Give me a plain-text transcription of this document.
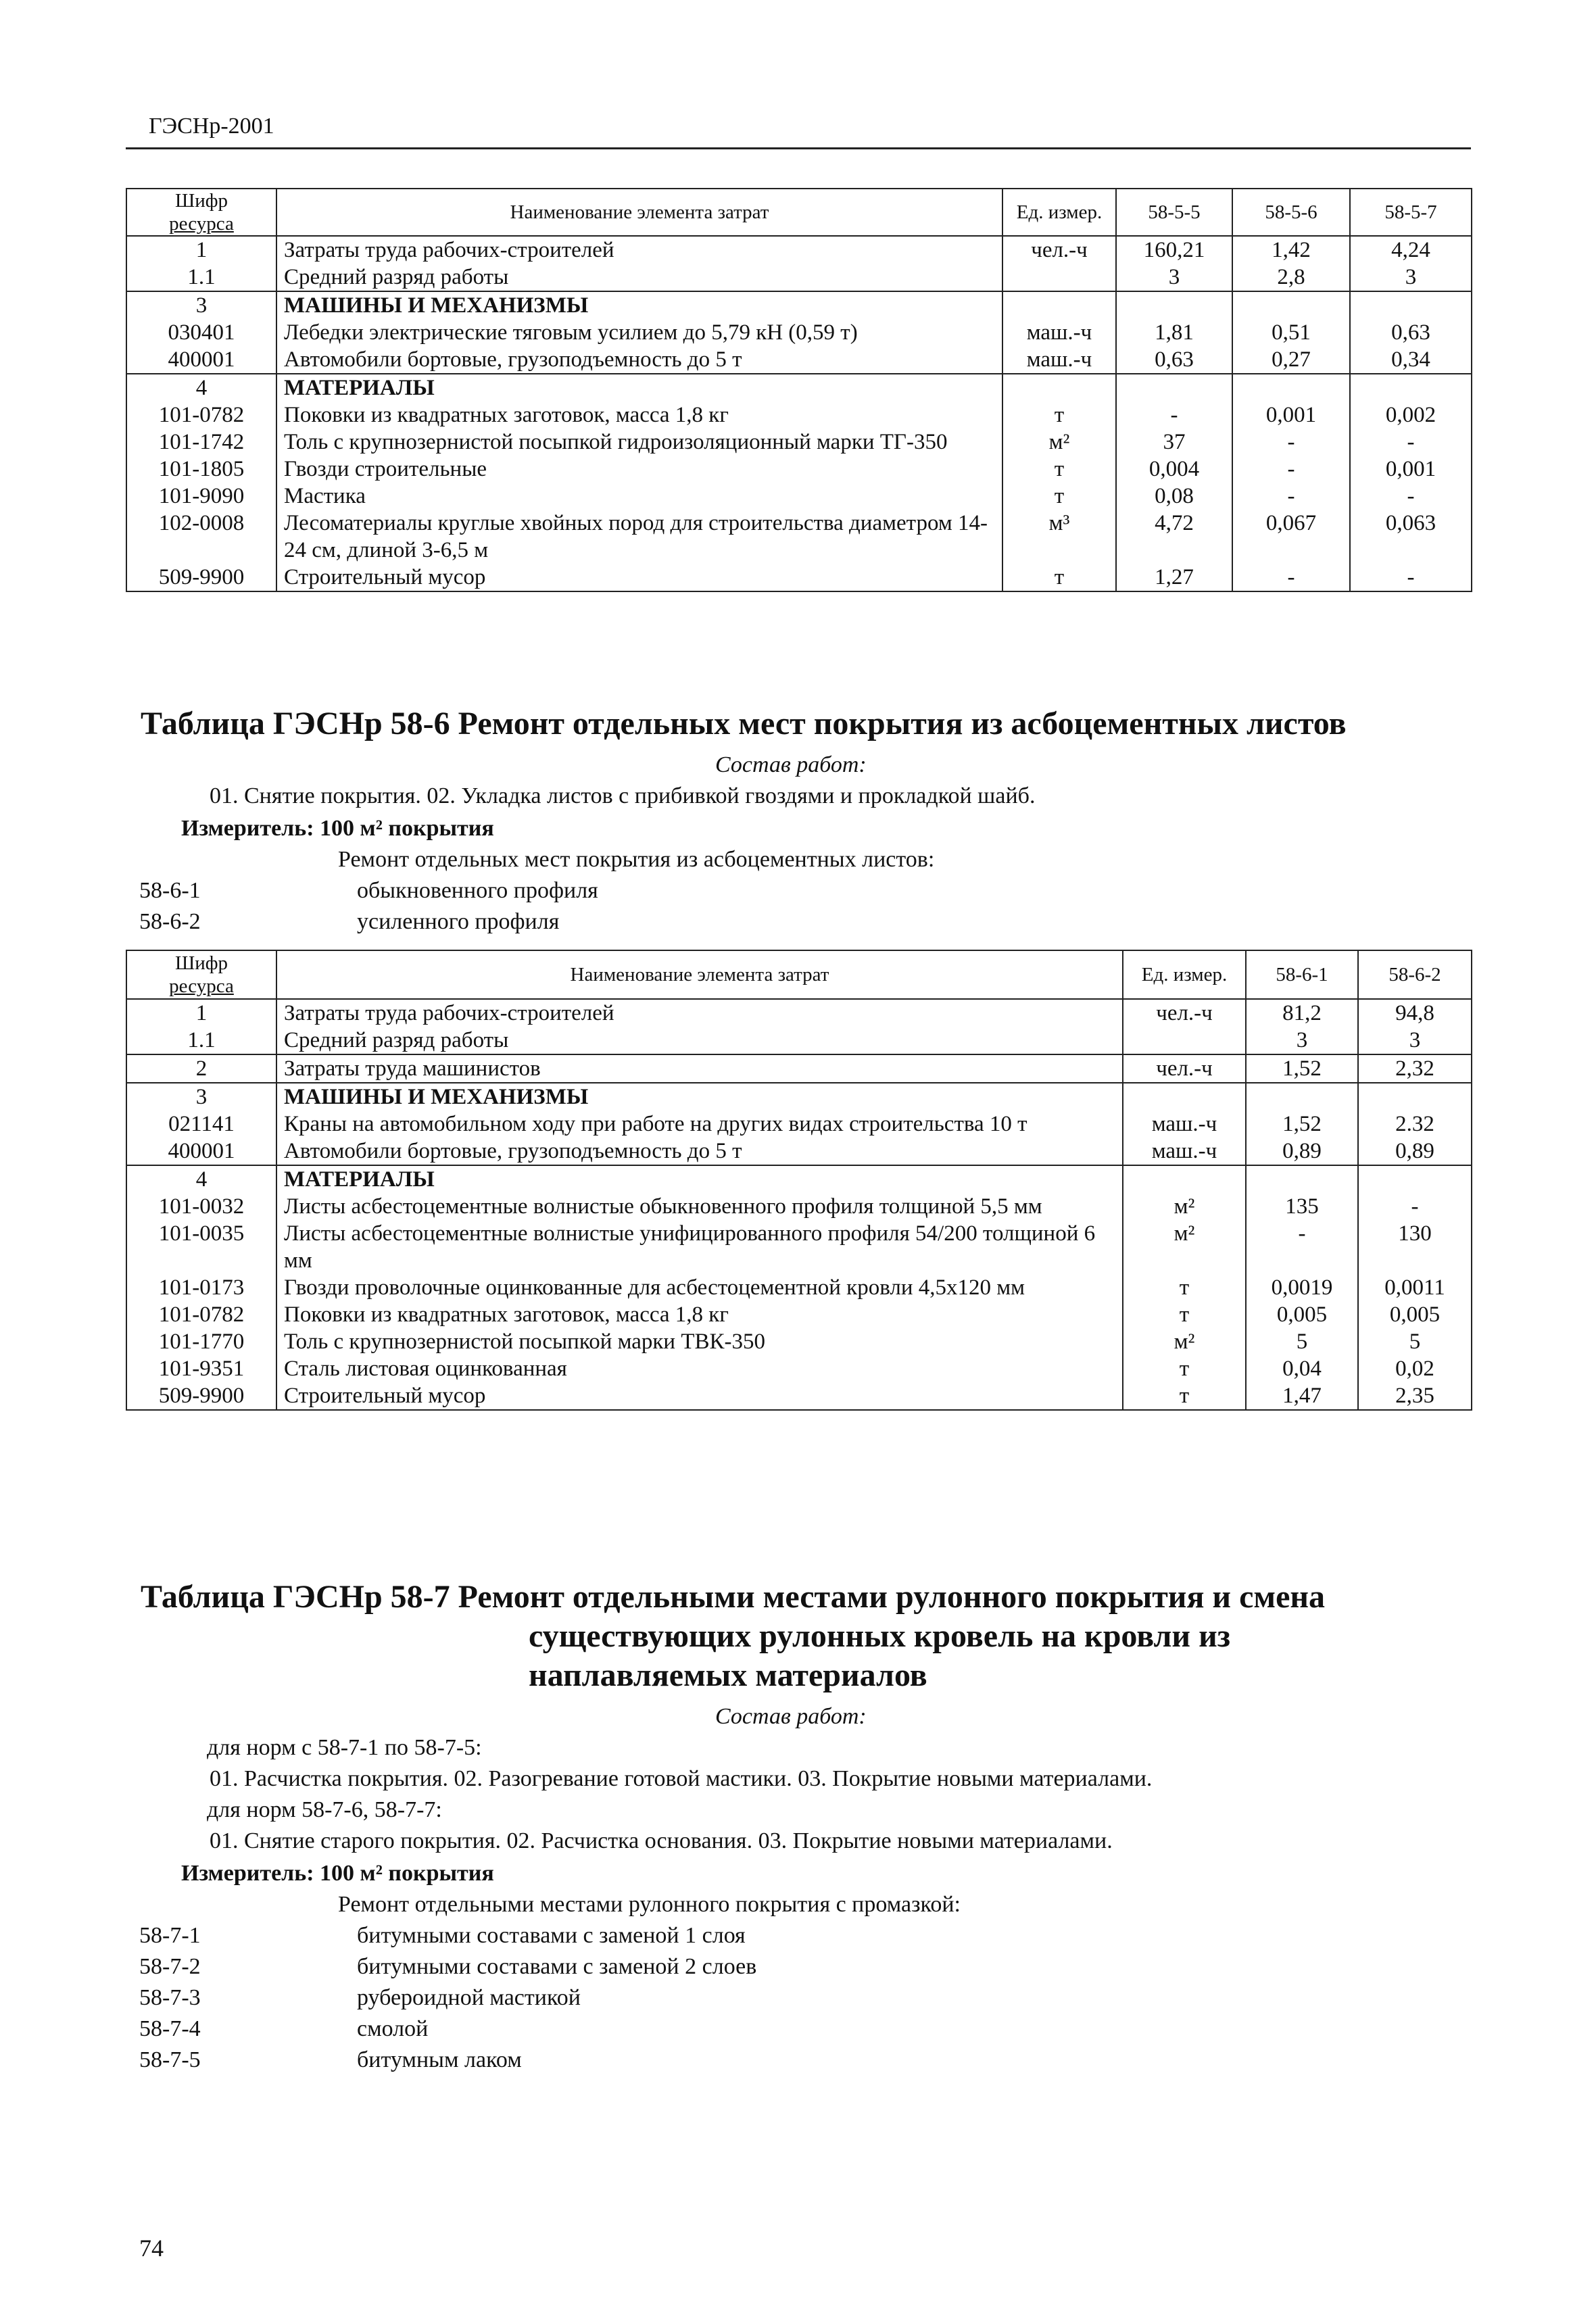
ГЭСНр-2001
Шифр
ресурса	Наименование элемента затрат	Ед. измер.	58-5-5	58-5-6	58-5-7
1	Затраты труда рабочих-строителей	чел.-ч	160,21	1,42	4,24
1.1	Средний разряд работы		3	2,8	3
3	МАШИНЫ И МЕХАНИЗМЫ				
030401	Лебедки электрические тяговым усилием до 5,79 кН (0,59 т)	маш.-ч	1,81	0,51	0,63
400001	Автомобили бортовые, грузоподъемность до 5 т	маш.-ч	0,63	0,27	0,34
4	МАТЕРИАЛЫ				
101-0782	Поковки из квадратных заготовок, масса 1,8 кг	т	-	0,001	0,002
101-1742	Толь с крупнозернистой посыпкой гидроизоляционный марки ТГ-350	м²	37	-	-
101-1805	Гвозди строительные	т	0,004	-	0,001
101-9090	Мастика	т	0,08	-	-
102-0008	Лесоматериалы круглые хвойных пород для строительства диаметром 14-24 см, длиной 3-6,5 м	м³	4,72	0,067	0,063
509-9900	Строительный мусор	т	1,27	-	-
Таблица ГЭСНр 58-6 Ремонт отдельных мест покрытия из асбоцементных листов
Состав работ:
01. Снятие покрытия. 02. Укладка листов с прибивкой гвоздями и прокладкой шайб.
Измеритель: 100 м² покрытия
Ремонт отдельных мест покрытия из асбоцементных листов:
58-6-1	обыкновенного профиля
58-6-2	усиленного профиля
Шифр
ресурса	Наименование элемента затрат	Ед. измер.	58-6-1	58-6-2
1	Затраты труда рабочих-строителей	чел.-ч	81,2	94,8
1.1	Средний разряд работы		3	3
2	Затраты труда машинистов	чел.-ч	1,52	2,32
3	МАШИНЫ И МЕХАНИЗМЫ			
021141	Краны на автомобильном ходу при работе на других видах строительства 10 т	маш.-ч	1,52	2.32
400001	Автомобили бортовые, грузоподъемность до 5 т	маш.-ч	0,89	0,89
4	МАТЕРИАЛЫ			
101-0032	Листы асбестоцементные волнистые обыкновенного профиля толщиной 5,5 мм	м²	135	-
101-0035	Листы асбестоцементные волнистые унифицированного профиля 54/200 толщиной 6 мм	м²	-	130
101-0173	Гвозди проволочные оцинкованные для асбестоцементной кровли 4,5х120 мм	т	0,0019	0,0011
101-0782	Поковки из квадратных заготовок, масса 1,8 кг	т	0,005	0,005
101-1770	Толь с крупнозернистой посыпкой марки ТВК-350	м²	5	5
101-9351	Сталь листовая оцинкованная	т	0,04	0,02
509-9900	Строительный мусор	т	1,47	2,35
Таблица ГЭСНр 58-7 Ремонт отдельными местами рулонного покрытия и смена
существующих рулонных кровель на кровли из
наплавляемых материалов
Состав работ:
для норм с 58-7-1 по 58-7-5:
01. Расчистка покрытия. 02. Разогревание готовой мастики. 03. Покрытие новыми материалами.
для норм 58-7-6, 58-7-7:
01. Снятие старого покрытия. 02. Расчистка основания. 03. Покрытие новыми материалами.
Измеритель: 100 м² покрытия
Ремонт отдельными местами рулонного покрытия с промазкой:
58-7-1	битумными составами с заменой 1 слоя
58-7-2	битумными составами с заменой 2 слоев
58-7-3	рубероидной мастикой
58-7-4	смолой
58-7-5	битумным лаком
74
